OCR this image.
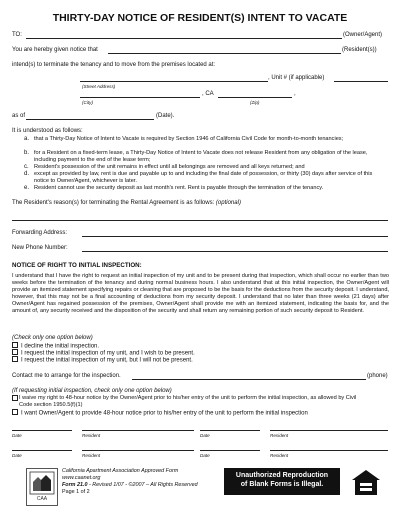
THIRTY-DAY NOTICE OF RESIDENT(S) INTENT TO VACATE
TO:	(Owner/Agent)
You are hereby given notice that	(Resident(s))
intend(s) to terminate the tenancy and to move from the premises located at:
, Unit # (if applicable)
(Street Address)
, CA	,
(City)	(Zip)
as of	(Date).
It is understood as follows:
a. that a Thirty-Day Notice of Intent to Vacate is required by Section 1946 of California Civil Code for month-to-month tenancies;
b. for a Resident on a fixed-term lease, a Thirty-Day Notice of Intent to Vacate does not release Resident from any obligation of the lease, including payment to the end of the lease term;
c. Resident's possession of the unit remains in effect until all belongings are removed and all keys returned; and
d. except as provided by law, rent is due and payable up to and including the final date of possession, or thirty (30) days after service of this notice to Owner/Agent, whichever is later.
e. Resident cannot use the security deposit as last month's rent. Rent is payable through the termination of the tenancy.
The Resident's reason(s) for terminating the Rental Agreement is as follows: (optional)
Forwarding Address:
New Phone Number:
NOTICE OF RIGHT TO INITIAL INSPECTION:
I understand that I have the right to request an initial inspection of my unit and to be present during that inspection, which shall occur no earlier than two weeks before the termination of the tenancy and during normal business hours. I also understand that at this initial inspection, the Owner/Agent will provide an itemized statement specifying repairs or cleaning that are proposed to be the basis for the deductions from the security deposit. I understand, however, that this may not be a final accounting of deductions from my security deposit. I understand that no later than three weeks (21 days) after Owner/Agent has regained possession of the premises, Owner/Agent shall provide me with an itemized statement, indicating the basis for, and the amount of, any security received and the disposition of the security and shall return any remaining portion of such security deposit to Resident.
(Check only one option below)
I decline the initial inspection.
I request the initial inspection of my unit, and I wish to be present.
I request the initial inspection of my unit, but I will not be present.
Contact me to arrange for the inspection.	(phone)
(If requesting initial inspection, check only one option below)
I waive my right to 48-hour notice by the Owner/Agent prior to his/her entry of the unit to perform the initial inspection, as allowed by Civil Code section 1950.5(f)(1)
I want Owner/Agent to provide 48-hour notice prior to his/her entry of the unit to perform the initial inspection
Date	Resident	Date	Resident
Date	Resident	Date	Resident
CAA
California Apartment Association Approved Form
www.caanet.org
Form 21.0 - Revised 1/07 - ©2007 – All Rights Reserved
Page 1 of 2
Unauthorized Reproduction
of Blank Forms is Illegal.
